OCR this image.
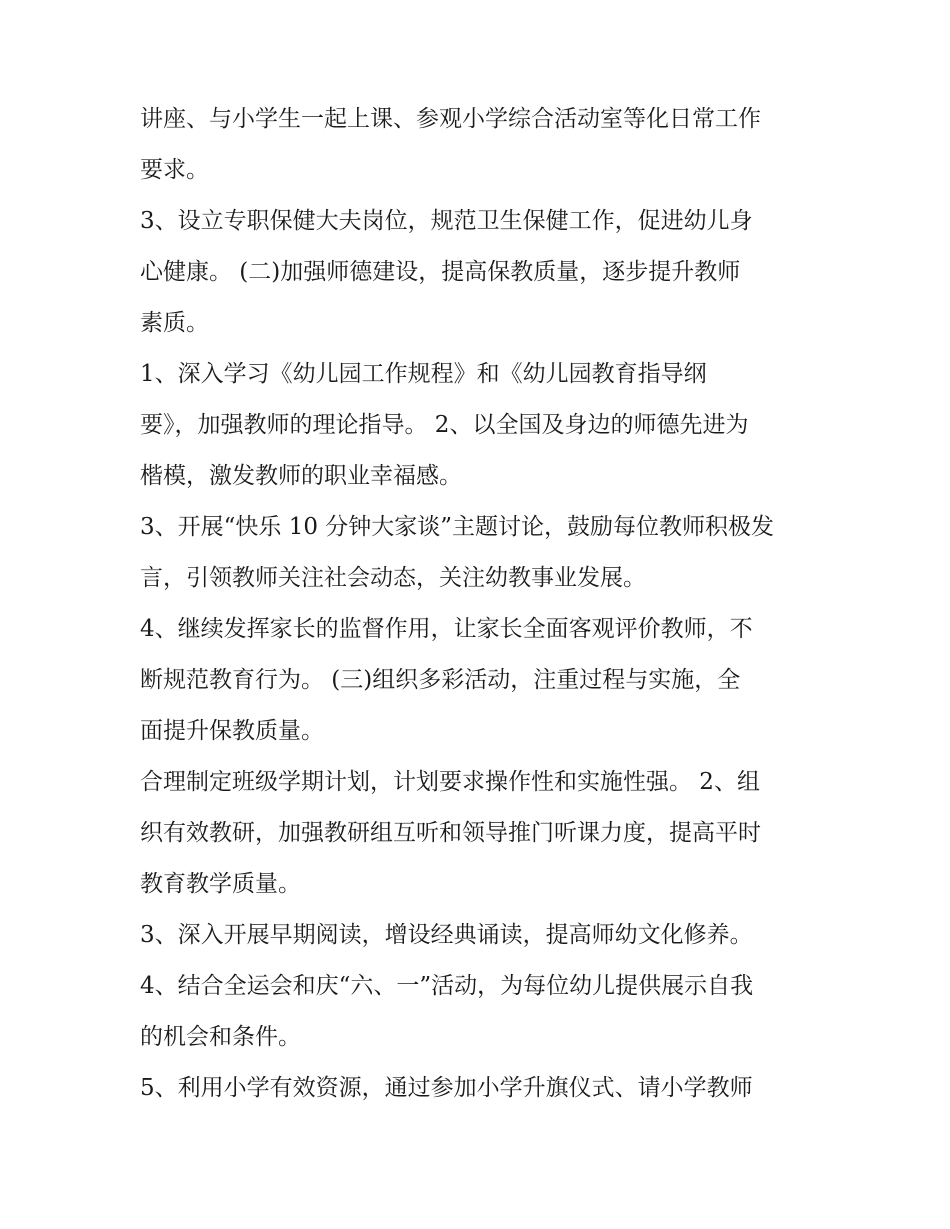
讲座、与小学生一起上课、参观小学综合活动室等化日常工作
要求。
3、设立专职保健大夫岗位，规范卫生保健工作，促进幼儿身
心健康。 (二)加强师德建设，提高保教质量，逐步提升教师
素质。
1、深入学习《幼儿园工作规程》和《幼儿园教育指导纲
要》，加强教师的理论指导。 2、以全国及身边的师德先进为
楷模，激发教师的职业幸福感。
3、开展“快乐 10 分钟大家谈”主题讨论，鼓励每位教师积极发
言，引领教师关注社会动态，关注幼教事业发展。
4、继续发挥家长的监督作用，让家长全面客观评价教师，不
断规范教育行为。 (三)组织多彩活动，注重过程与实施，全
面提升保教质量。
合理制定班级学期计划，计划要求操作性和实施性强。 2、组
织有效教研，加强教研组互听和领导推门听课力度，提高平时
教育教学质量。
3、深入开展早期阅读，增设经典诵读，提高师幼文化修养。
4、结合全运会和庆“六、一”活动，为每位幼儿提供展示自我
的机会和条件。
5、利用小学有效资源，通过参加小学升旗仪式、请小学教师
